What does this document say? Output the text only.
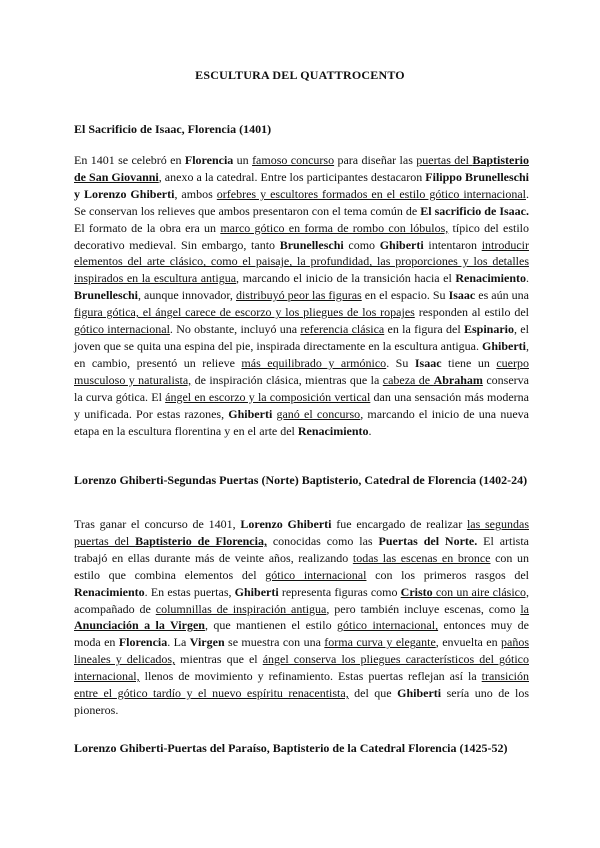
ESCULTURA DEL QUATTROCENTO
El Sacrificio de Isaac, Florencia (1401)
En 1401 se celebró en Florencia un famoso concurso para diseñar las puertas del Baptisterio de San Giovanni, anexo a la catedral. Entre los participantes destacaron Filippo Brunelleschi y Lorenzo Ghiberti, ambos orfebres y escultores formados en el estilo gótico internacional. Se conservan los relieves que ambos presentaron con el tema común de El sacrificio de Isaac. El formato de la obra era un marco gótico en forma de rombo con lóbulos, típico del estilo decorativo medieval. Sin embargo, tanto Brunelleschi como Ghiberti intentaron introducir elementos del arte clásico, como el paisaje, la profundidad, las proporciones y los detalles inspirados en la escultura antigua, marcando el inicio de la transición hacia el Renacimiento. Brunelleschi, aunque innovador, distribuyó peor las figuras en el espacio. Su Isaac es aún una figura gótica, el ángel carece de escorzo y los pliegues de los ropajes responden al estilo del gótico internacional. No obstante, incluyó una referencia clásica en la figura del Espinario, el joven que se quita una espina del pie, inspirada directamente en la escultura antigua. Ghiberti, en cambio, presentó un relieve más equilibrado y armónico. Su Isaac tiene un cuerpo musculoso y naturalista, de inspiración clásica, mientras que la cabeza de Abraham conserva la curva gótica. El ángel en escorzo y la composición vertical dan una sensación más moderna y unificada. Por estas razones, Ghiberti ganó el concurso, marcando el inicio de una nueva etapa en la escultura florentina y en el arte del Renacimiento.
Lorenzo Ghiberti-Segundas Puertas (Norte) Baptisterio, Catedral de Florencia (1402-24)
Tras ganar el concurso de 1401, Lorenzo Ghiberti fue encargado de realizar las segundas puertas del Baptisterio de Florencia, conocidas como las Puertas del Norte. El artista trabajó en ellas durante más de veinte años, realizando todas las escenas en bronce con un estilo que combina elementos del gótico internacional con los primeros rasgos del Renacimiento. En estas puertas, Ghiberti representa figuras como Cristo con un aire clásico, acompañado de columnillas de inspiración antigua, pero también incluye escenas, como la Anunciación a la Virgen, que mantienen el estilo gótico internacional, entonces muy de moda en Florencia. La Virgen se muestra con una forma curva y elegante, envuelta en paños lineales y delicados, mientras que el ángel conserva los pliegues característicos del gótico internacional, llenos de movimiento y refinamiento. Estas puertas reflejan así la transición entre el gótico tardío y el nuevo espíritu renacentista, del que Ghiberti sería uno de los pioneros.
Lorenzo Ghiberti-Puertas del Paraíso, Baptisterio de la Catedral Florencia (1425-52)
